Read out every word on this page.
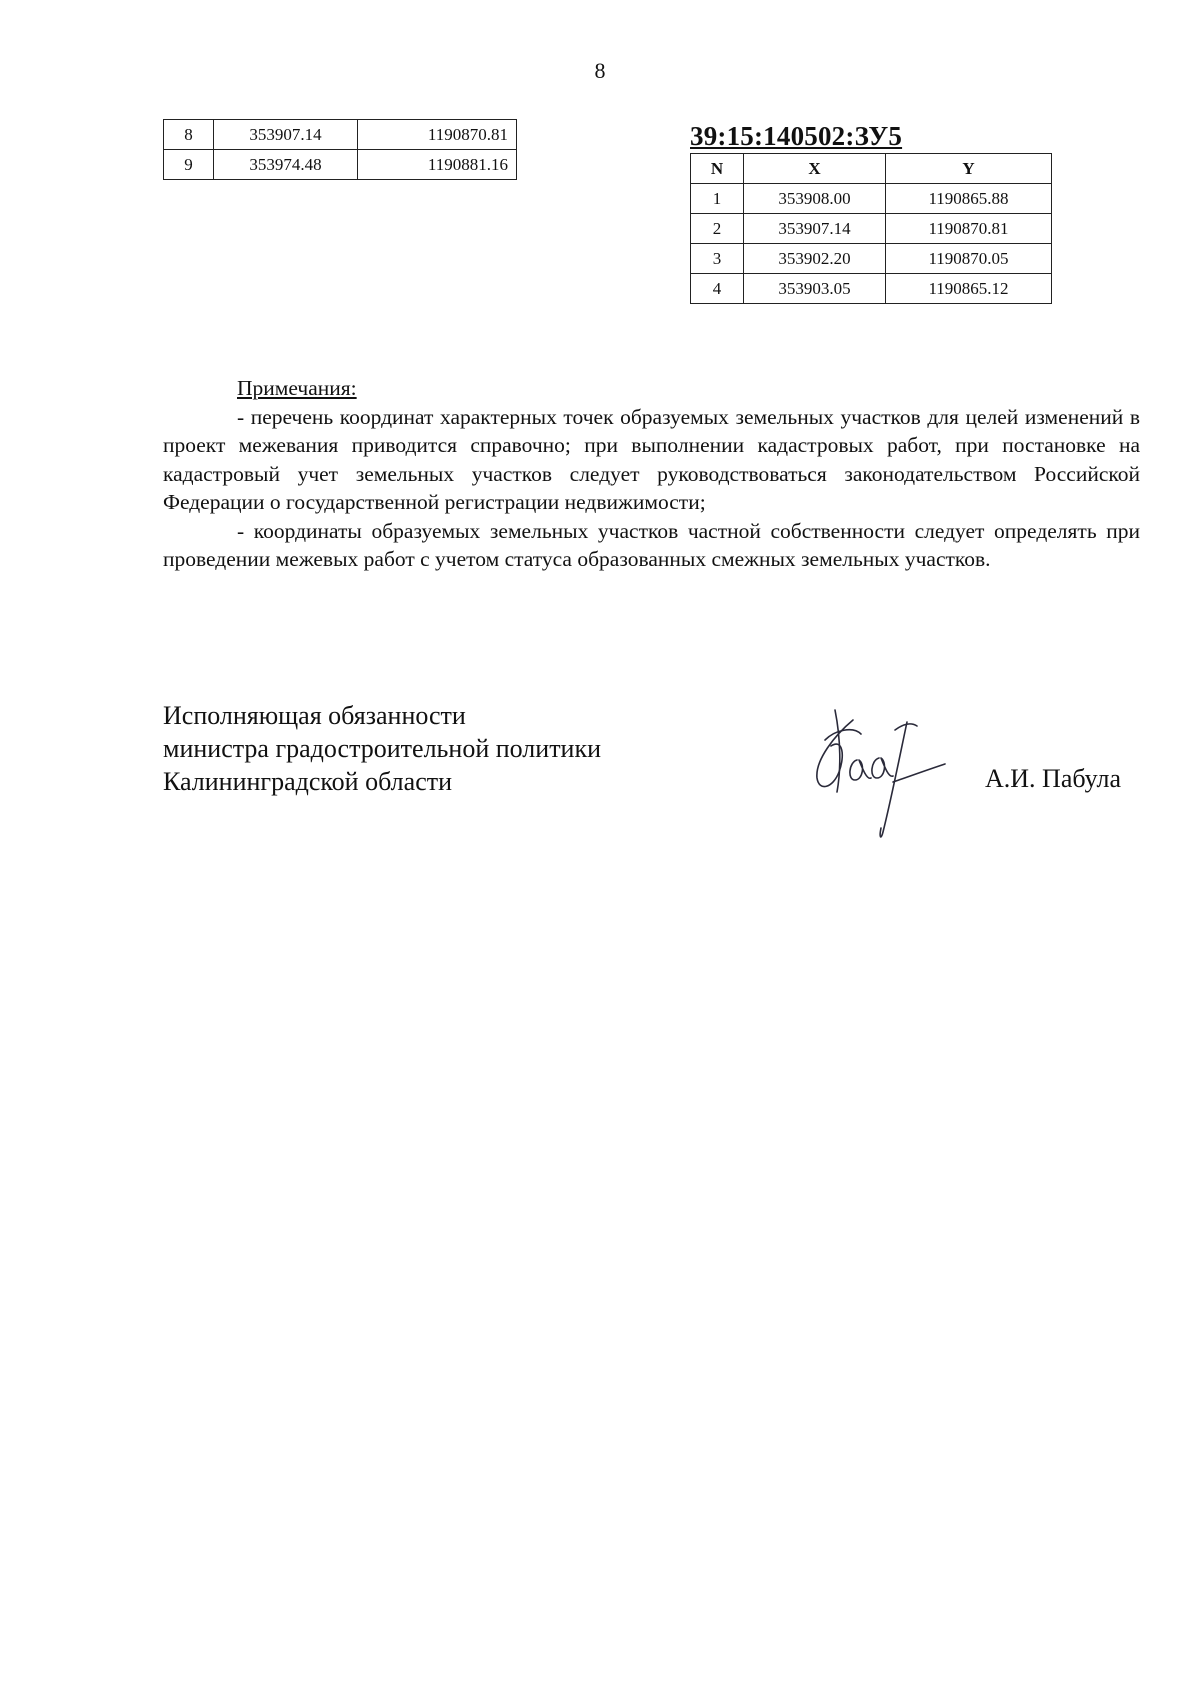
8
8	353907.14	1190870.81
9	353974.48	1190881.16
39:15:140502:ЗУ5
N	X	Y
1	353908.00	1190865.88
2	353907.14	1190870.81
3	353902.20	1190870.05
4	353903.05	1190865.12

Примечания:

- перечень координат характерных точек образуемых земельных участков для целей изменений в проект межевания приводится справочно; при выполнении кадастровых работ, при постановке на кадастровый учет земельных участков следует руководствоваться законодательством Российской Федерации о государственной регистрации недвижимости;

- координаты образуемых земельных участков частной собственности следует определять при проведении межевых работ с учетом статуса образованных смежных земельных участков.

Исполняющая обязанности
министра градостроительной политики
Калининградской области	А.И. Пабула
